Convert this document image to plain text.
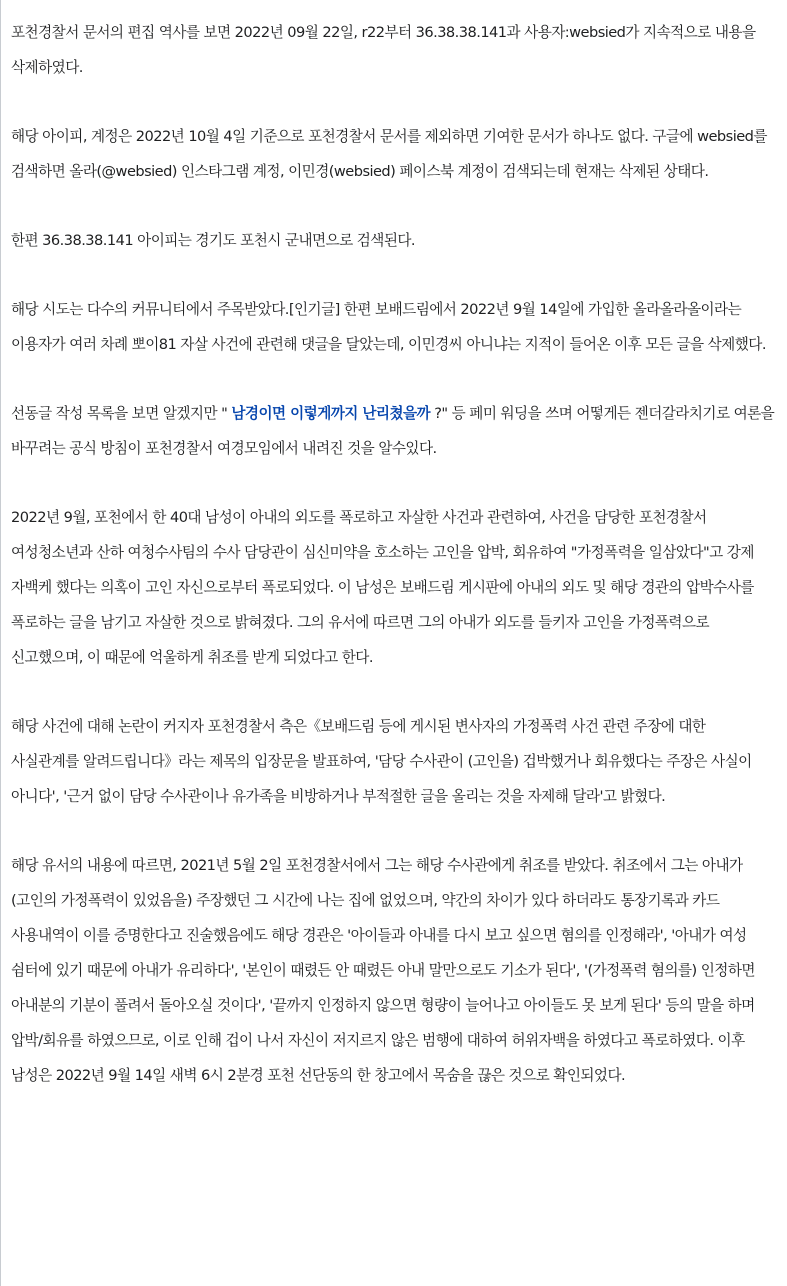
포천경찰서 문서의 편집 역사를 보면 2022년 09월 22일, r22부터 36.38.38.141과 사용자:websied가 지속적으로 내용을 삭제하였다.

해당 아이피, 계정은 2022년 10월 4일 기준으로 포천경찰서 문서를 제외하면 기여한 문서가 하나도 없다. 구글에 websied를 검색하면 올라(@websied) 인스타그램 계정, 이민경(websied) 페이스북 계정이 검색되는데 현재는 삭제된 상태다.

한편 36.38.38.141 아이피는 경기도 포천시 군내면으로 검색된다.

해당 시도는 다수의 커뮤니티에서 주목받았다.[인기글] 한편 보배드림에서 2022년 9월 14일에 가입한 올라올라올이라는 이용자가 여러 차례 뽀이81 자살 사건에 관련해 댓글을 달았는데, 이민경씨 아니냐는 지적이 들어온 이후 모든 글을 삭제했다.

선동글 작성 목록을 보면 알겠지만 " 남경이면 이렇게까지 난리쳤을까 ?" 등 페미 워딩을 쓰며 어떻게든 젠더갈라치기로 여론을 바꾸려는 공식 방침이 포천경찰서 여경모임에서 내려진 것을 알수있다.

2022년 9월, 포천에서 한 40대 남성이 아내의 외도를 폭로하고 자살한 사건과 관련하여, 사건을 담당한 포천경찰서 여성청소년과 산하 여청수사팀의 수사 담당관이 심신미약을 호소하는 고인을 압박, 회유하여 "가정폭력을 일삼았다"고 강제 자백케 했다는 의혹이 고인 자신으로부터 폭로되었다. 이 남성은 보배드림 게시판에 아내의 외도 및 해당 경관의 압박수사를 폭로하는 글을 남기고 자살한 것으로 밝혀졌다. 그의 유서에 따르면 그의 아내가 외도를 들키자 고인을 가정폭력으로 신고했으며, 이 때문에 억울하게 취조를 받게 되었다고 한다.

해당 사건에 대해 논란이 커지자 포천경찰서 측은《보배드림 등에 게시된 변사자의 가정폭력 사건 관련 주장에 대한 사실관계를 알려드립니다》라는 제목의 입장문을 발표하여, '담당 수사관이 (고인을) 겁박했거나 회유했다는 주장은 사실이 아니다', '근거 없이 담당 수사관이나 유가족을 비방하거나 부적절한 글을 올리는 것을 자제해 달라'고 밝혔다.

해당 유서의 내용에 따르면, 2021년 5월 2일 포천경찰서에서 그는 해당 수사관에게 취조를 받았다. 취조에서 그는 아내가 (고인의 가정폭력이 있었음을) 주장했던 그 시간에 나는 집에 없었으며, 약간의 차이가 있다 하더라도 통장기록과 카드 사용내역이 이를 증명한다고 진술했음에도 해당 경관은 '아이들과 아내를 다시 보고 싶으면 혐의를 인정해라', '아내가 여성 쉼터에 있기 때문에 아내가 유리하다', '본인이 때렸든 안 때렸든 아내 말만으로도 기소가 된다', '(가정폭력 혐의를) 인정하면 아내분의 기분이 풀려서 돌아오실 것이다', '끝까지 인정하지 않으면 형량이 늘어나고 아이들도 못 보게 된다' 등의 말을 하며 압박/회유를 하였으므로, 이로 인해 겁이 나서 자신이 저지르지 않은 범행에 대하여 허위자백을 하였다고 폭로하였다. 이후 남성은 2022년 9월 14일 새벽 6시 2분경 포천 선단동의 한 창고에서 목숨을 끊은 것으로 확인되었다.
